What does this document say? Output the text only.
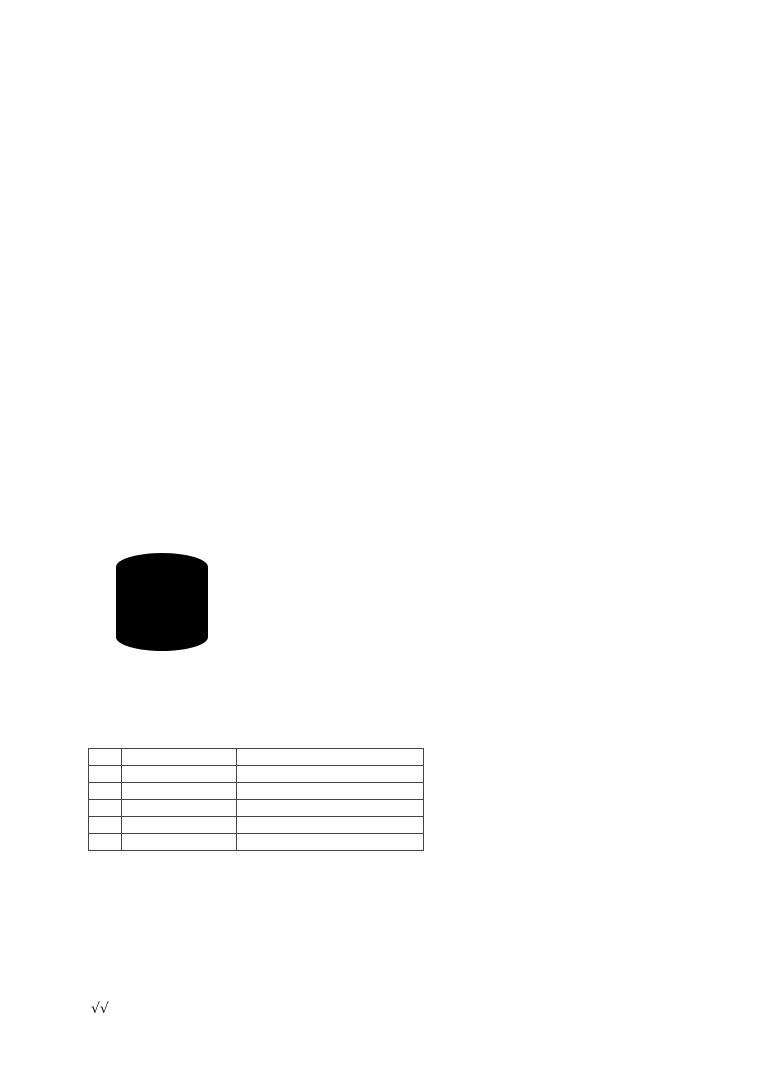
√√
